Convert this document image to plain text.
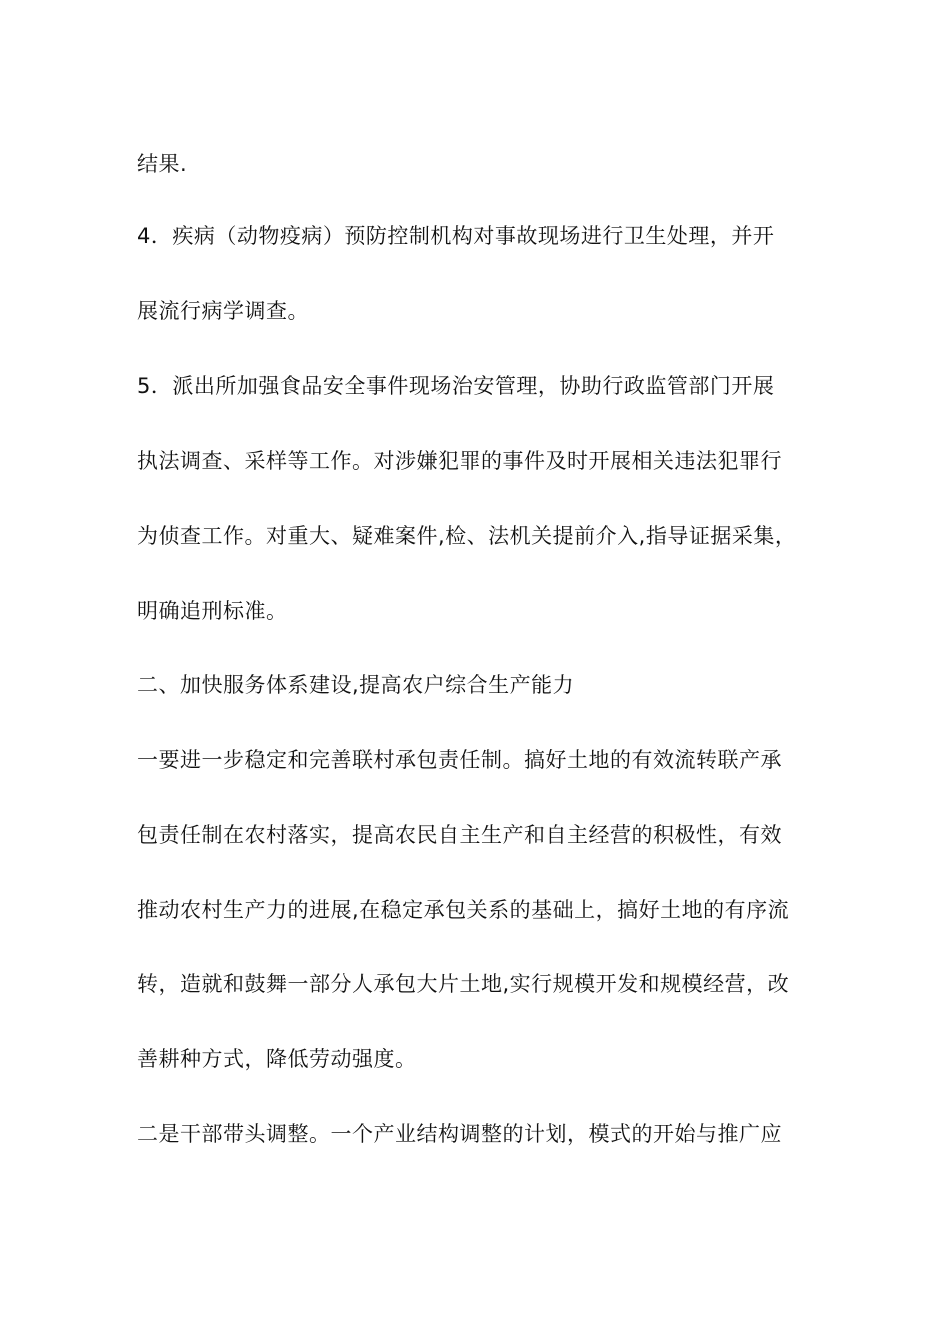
结果.
4．疾病（动物疫病）预防控制机构对事故现场进行卫生处理，并开
展流行病学调查。
5．派出所加强食品安全事件现场治安管理，协助行政监管部门开展
执法调查、采样等工作。对涉嫌犯罪的事件及时开展相关违法犯罪行
为侦查工作。对重大、疑难案件,检、法机关提前介入,指导证据采集，
明确追刑标准。
二、加快服务体系建设,提高农户综合生产能力
一要进一步稳定和完善联村承包责任制。搞好土地的有效流转联产承
包责任制在农村落实，提高农民自主生产和自主经营的积极性，有效
推动农村生产力的进展,在稳定承包关系的基础上，搞好土地的有序流
转，造就和鼓舞一部分人承包大片土地,实行规模开发和规模经营，改
善耕种方式，降低劳动强度。
二是干部带头调整。一个产业结构调整的计划，模式的开始与推广应
